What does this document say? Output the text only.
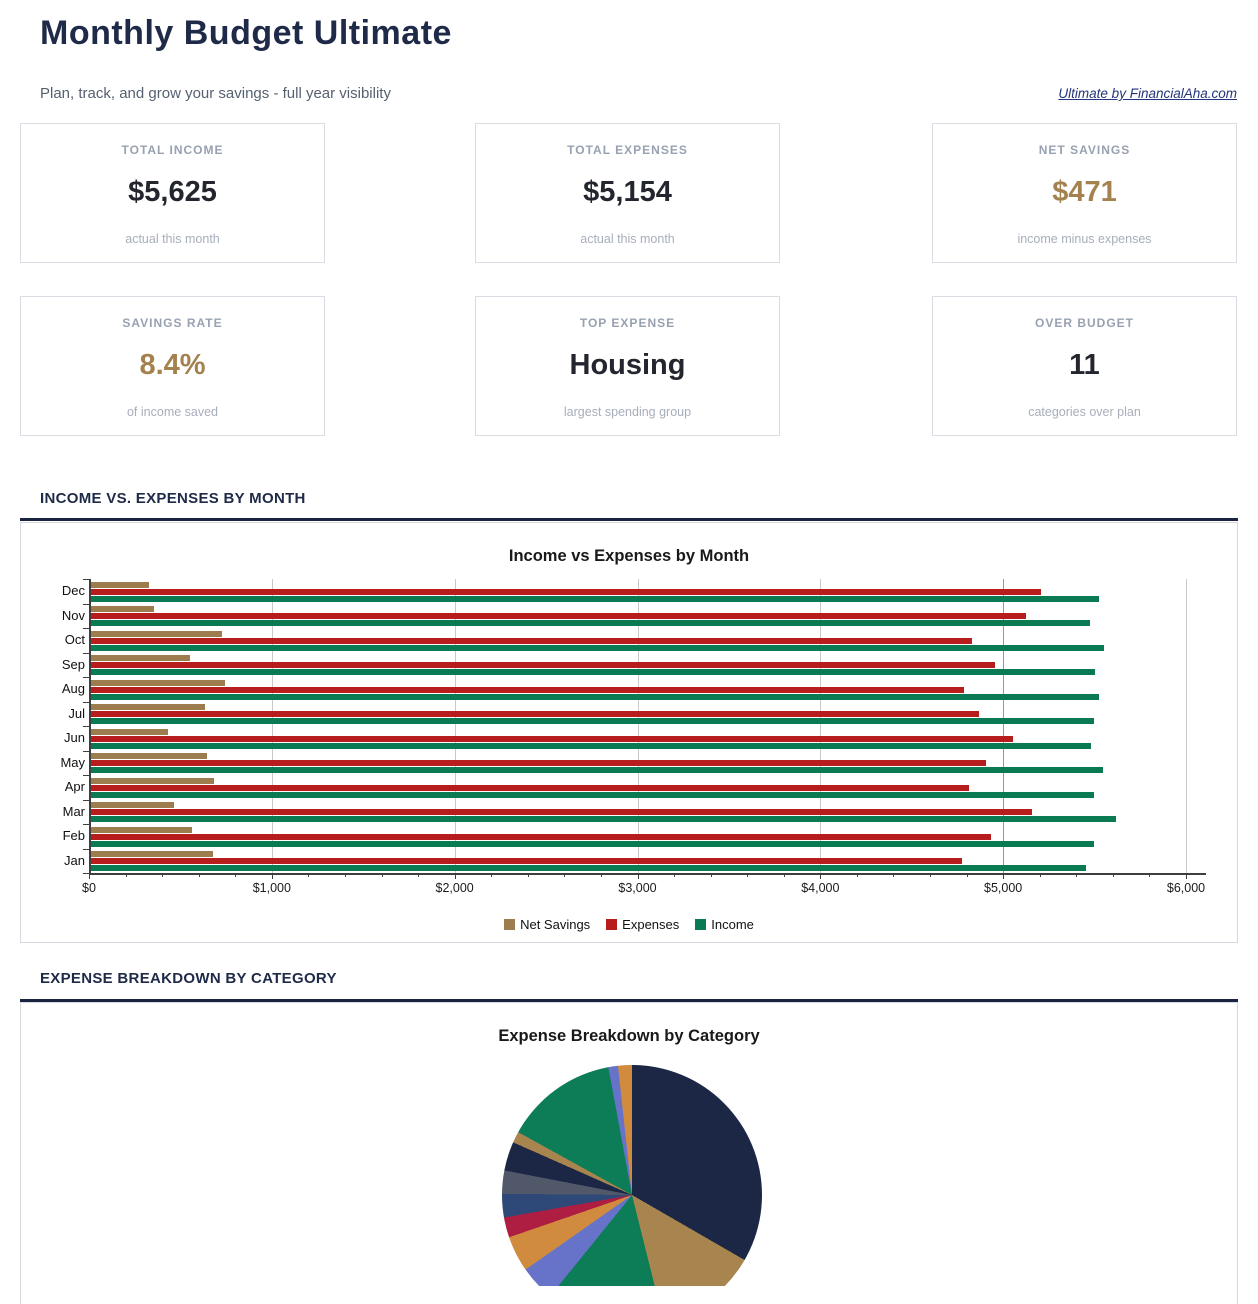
Monthly Budget Ultimate
Plan, track, and grow your savings - full year visibility	Ultimate by FinancialAha.com
TOTAL INCOME
$5,625
actual this month
TOTAL EXPENSES
$5,154
actual this month
NET SAVINGS
$471
income minus expenses
SAVINGS RATE
8.4%
of income saved
TOP EXPENSE
Housing
largest spending group
OVER BUDGET
11
categories over plan
INCOME VS. EXPENSES BY MONTH
Income vs Expenses by Month
Dec
Nov
Oct
Sep
Aug
Jul
Jun
May
Apr
Mar
Feb
Jan
$0	$1,000	$2,000	$3,000	$4,000	$5,000	$6,000
Net Savings Expenses Income
EXPENSE BREAKDOWN BY CATEGORY
Expense Breakdown by Category
